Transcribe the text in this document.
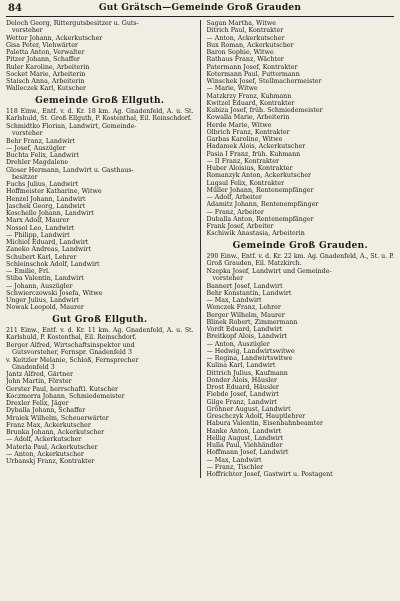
84	Gut Grätsch—Gemeinde Groß Grauden
Deloch Georg, Rittergutsbesitzer u. Guts-
vorsteher
Wetter Johann, Ackerkutscher
Gisa Peter, Viehwärter
Paletta Anton, Verwalter
Pitzer Johann, Schaffer
Ruler Karoline, Arbeiterin
Socket Marie, Arbeiterin
Staisch Anna, Arbeiterin
Walleczek Karl, Kutscher
Gemeinde Groß Ellguth.
118 Einw., Entf. v. d. Kr. 18 km. Ag. Gnadenfeld, A. u. St. Karlshuld, St. Groß Ellguth, P. Kostenthal, Eil. Reinschdorf.
Schmidtko Florian, Landwirt, Gemeinde-
vorsteher
Behr Franz, Landwirt
— Josef, Auszügler
Buchta Felix, Landwirt
Drehler Magdalene
Gloser Hermann, Landwirt u. Gasthaus-
besitzer
Fuchs Julius, Landwirt
Hoffmeister Katharine, Witwe
Henzel Johann, Landwirt
Jaschek Georg, Landwirt
Koschelle Johann, Landwirt
Marx Adolf, Maurer
Nossol Leo, Landwirt
— Philipp, Landwirt
Michiol Eduard, Landwirt
Zaneko Andreas, Landwirt
Schubert Karl, Lehrer
Schleinschok Adolf, Landwirt
— Emilie, Frl.
Stiba Valentin, Landwirt
— Johann, Auszügler
Schwierczowski Josefa, Witwe
Unger Julius, Landwirt
Nowak Leopold, Maurer
Gut Groß Ellguth.
211 Einw., Entf. v. d. Kr. 11 km. Ag. Gnadenfeld, A. u. St. Karlshuld, P. Kostenthal, Eil. Reinschdorf.
Berger Alfred, Wirtschaftsinspektor und
Gutsvorsteher, Fernspr. Gnadenfeld 3
v. Keitzler Melanie, Schloß, Fernsprecher
Gnadenfeld 3
Jantz Alfred, Gärtner
John Martin, Förster
Gerster Paul, herrschaftl. Kutscher
Koczmorra Johann, Schmiedemeister
Drexler Felix, Jäger
Dyballa Johann, Schaffer
Mraiek Wilhelm, Scheuerwärter
Franz Max, Ackerkutscher
Brunka Johann, Ackerkutscher
— Adolf, Ackerkutscher
Materla Paul, Ackerkutscher
— Anton, Ackerkutscher
Urbanskj Franz, Kontrakter
Sagan Martha, Witwe
Ditrich Paul, Kontrakter
— Anton, Ackerkutscher
Bux Roman, Ackerkutscher
Baron Sophie, Witwe
Rathaus Franz, Wächter
Patermann Josef, Kontrakter
Kotermann Paul, Futtermann
Winschek Josef, Stellmachermeister
— Marie, Witwe
Matzkrzy Franz, Kuhmann
Kwitzel Eduard, Kontrakter
Kubiza Josef, früh. Schmiedemeister
Kowalla Marie, Arbeiterin
Herde Marie, Witwe
Olbrich Franz, Kontrakter
Garbas Karoline, Witwe
Hadamek Alois, Ackerkutscher
Pasia I Franz, früh. Kuhmann
— II Franz, Kontrakter
Huber Aloisius, Kontrakter
Romanzyk Anton, Ackerkutscher
Lugsul Felix, Kontrakter
Müller Johann, Rentenempfänger
— Adolf, Arbeiter
Adamitz Johann, Rentenempfänger
— Franz, Arbeiter
Duballa Anton, Rentenempfänger
Frank Josef, Arbeiter
Kschiwik Anastasia, Arbeiterin
Gemeinde Groß Grauden.
290 Einw., Entf. v. d. Kr. 22 km. Ag. Gnadenfeld, A., St. u. P. Groß Grauden, Eil. Matzkirch.
Nzepka Josef, Landwirt und Gemeinde-
vorsteher
Bannert Josef, Landwirt
Behr Konstantin, Landwirt
— Max, Landwirt
Wenczek Franz, Lehrer
Berger Wilhelm, Maurer
Blinek Robert, Zimmermann
Vordt Eduard, Landwirt
Breitkopf Alois, Landwirt
— Anton, Auszügler
— Hedwig, Landwirtswitwe
— Regina, Landwirtswitwe
Kulina Karl, Landwirt
Dittrich Julius, Kaufmann
Donder Alois, Häusler
Drost Eduard, Häusler
Fiebde Josef, Landwirt
Gilge Franz, Landwirt
Gröhner August, Landwirt
Greschczyk Adolf, Hauptlehrer
Habura Valentin, Eisenbahnbeamter
Hanke Anton, Landwirt
Hellig August, Landwirt
Hulla Paul, Viehhändler
Hoffmann Josef, Landwirt
— Max, Landwirt
— Franz, Tischler
Hoffrichter Josef, Gastwirt u. Postagent
